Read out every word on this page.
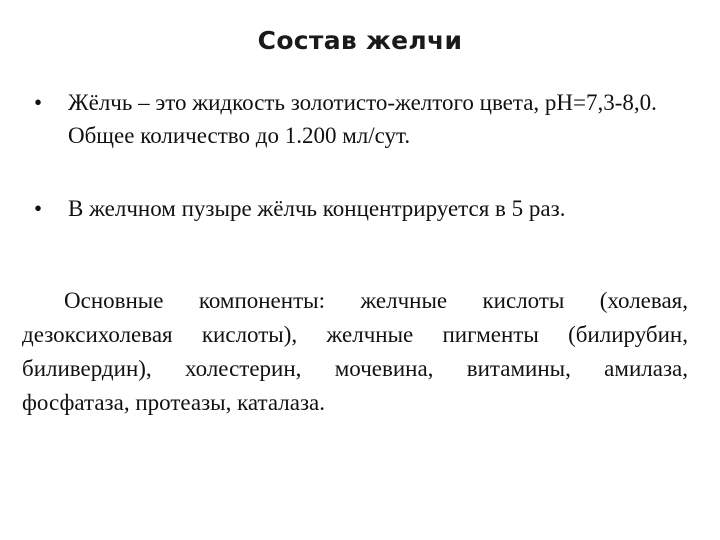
Состав желчи
• Жёлчь – это жидкость золотисто-желтого цвета, pH=7,3-8,0. Общее количество до 1.200 мл/сут.
• В желчном пузыре жёлчь концентрируется в 5 раз.

Основные компоненты: желчные кислоты (холевая, дезоксихолевая кислоты), желчные пигменты (билирубин, биливердин), холестерин, мочевина, витамины, амилаза, фосфатаза, протеазы, каталаза.
